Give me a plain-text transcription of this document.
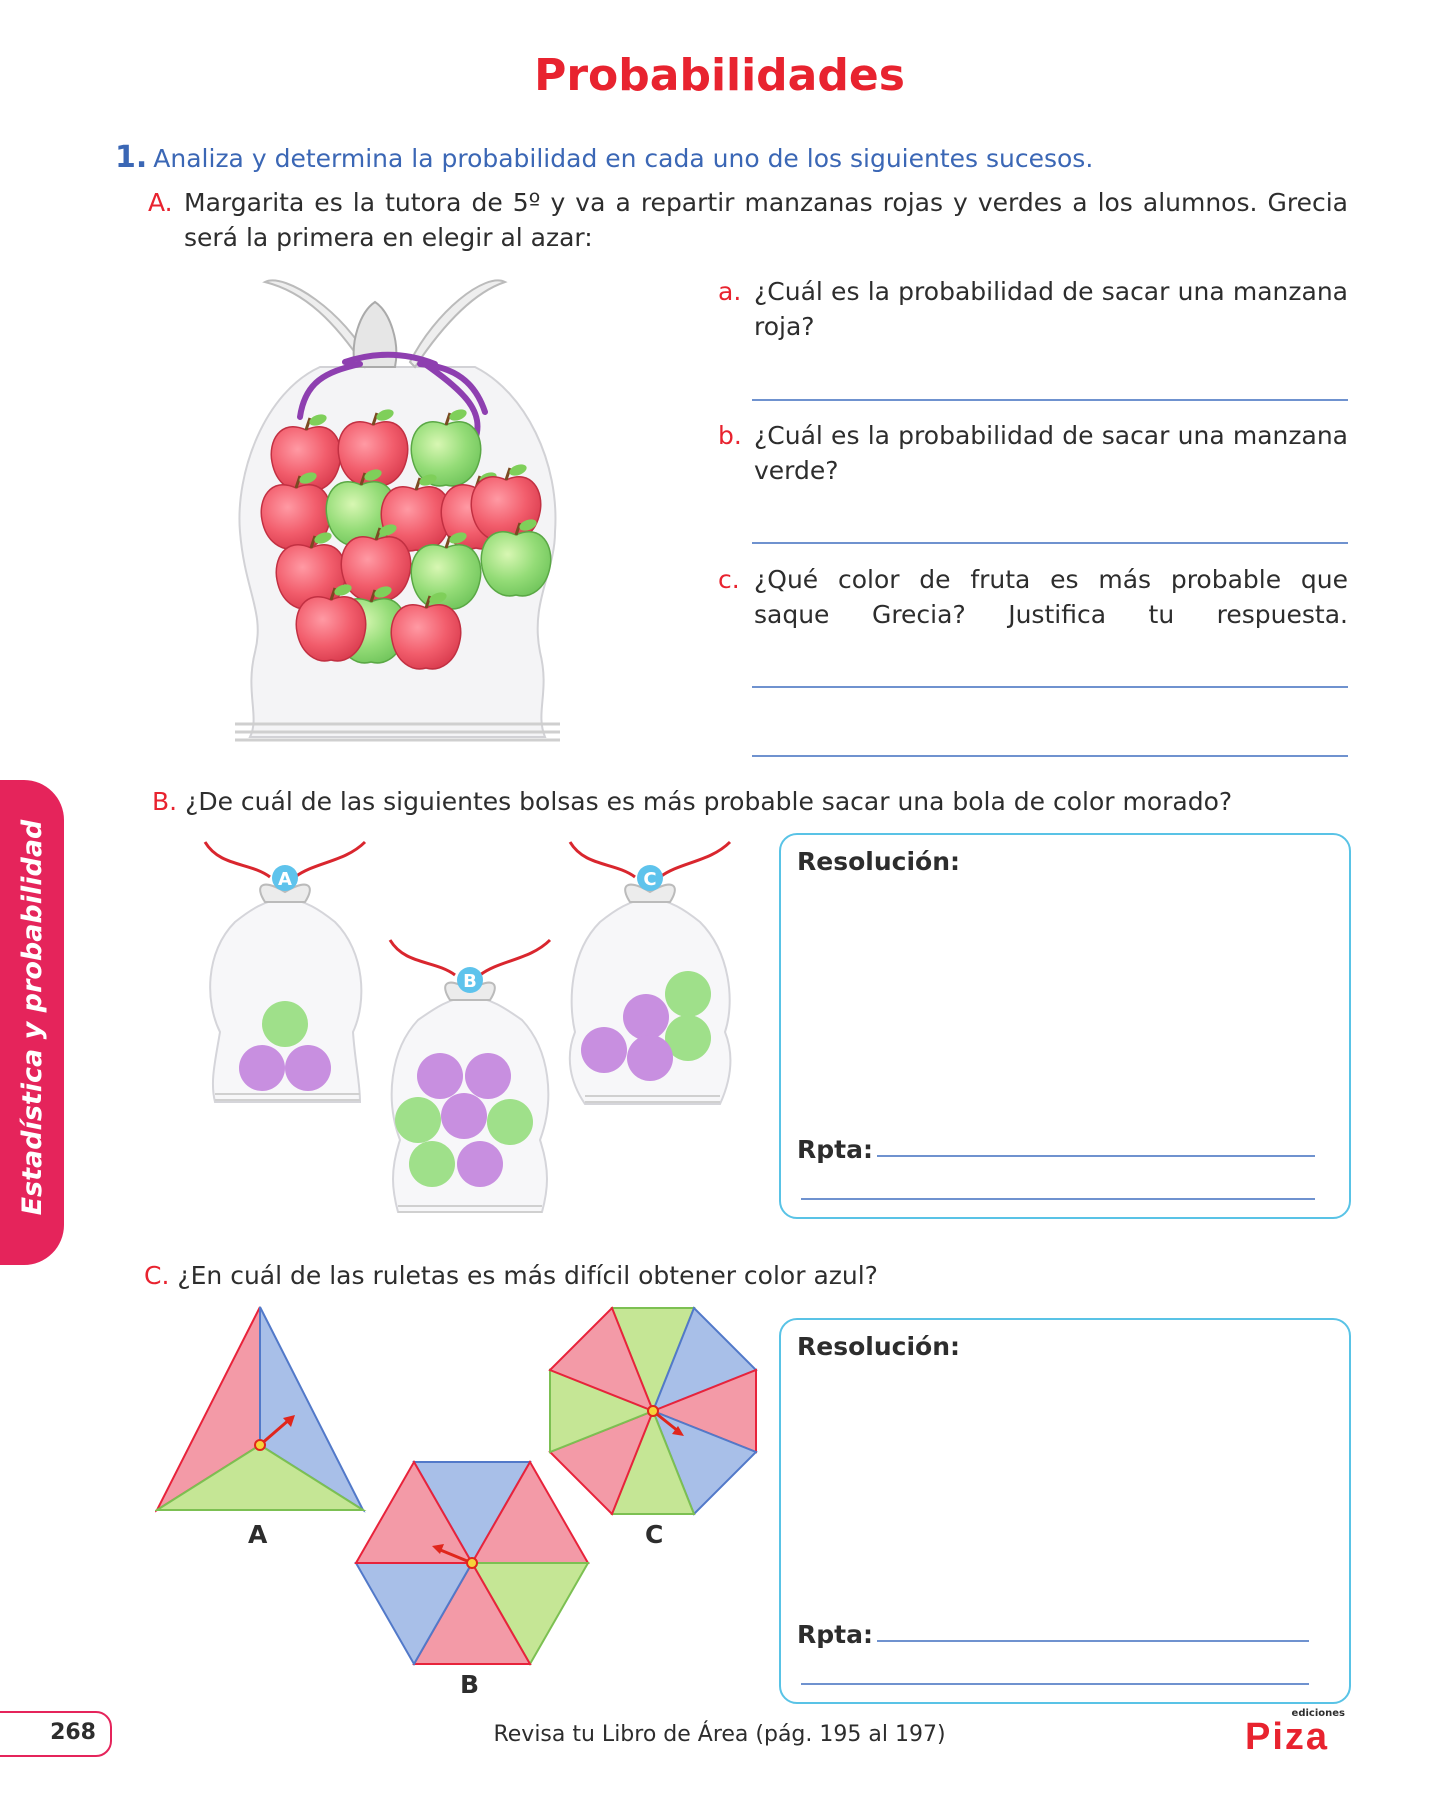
Probabilidades
1. Analiza y determina la probabilidad en cada uno de los siguientes sucesos.
A. Margarita es la tutora de 5º y va a repartir manzanas rojas y verdes a los alumnos. Grecia será la primera en elegir al azar:
a. ¿Cuál es la probabilidad de sacar una manzana roja?
b. ¿Cuál es la probabilidad de sacar una manzana verde?
c. ¿Qué color de fruta es más probable que saque Grecia? Justifica tu respuesta.
Estadística y probabilidad
B. ¿De cuál de las siguientes bolsas es más probable sacar una bola de color morado?
A
B
C
Resolución:
Rpta:
C. ¿En cuál de las ruletas es más difícil obtener color azul?
A
B
C
Resolución:
Rpta:
268	Revisa tu Libro de Área (pág. 195 al 197)
ediciones
Piza
